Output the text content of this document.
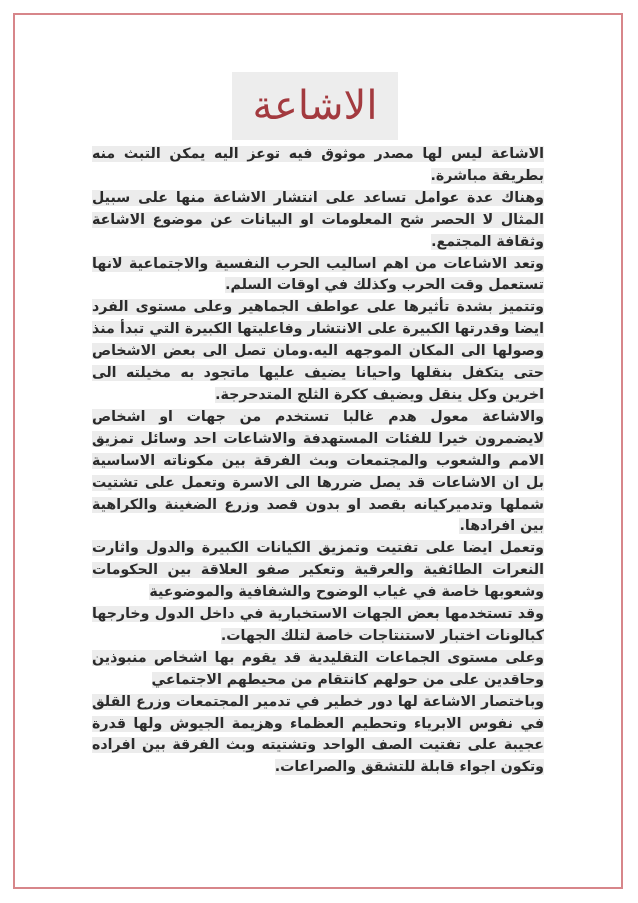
الاشاعة

الاشاعة ليس لها مصدر موثوق فيه توعز اليه يمكن التبث منه بطريقة مباشرة.

وهناك عدة عوامل تساعد على انتشار الاشاعة منها على سبيل المثال لا الحصر شح المعلومات او البيانات عن موضوع الاشاعة وثقافة المجتمع.

وتعد الاشاعات من اهم اساليب الحرب النفسية والاجتماعية لانها تستعمل وقت الحرب وكذلك في اوقات السلم.

وتتميز بشدة تأثيرها على عواطف الجماهير وعلى مستوى الفرد ايضا وقدرتها الكبيرة على الانتشار وفاعليتها الكبيرة التي تبدأ منذ وصولها الى المكان الموجهه اليه.ومان تصل الى بعض الاشخاص حتى يتكفل بنقلها واحيانا يضيف عليها ماتجود به مخيلته الى اخرين وكل ينقل ويضيف ككرة الثلج المتدحرجة.

والاشاعة معول هدم غالبا تستخدم من جهات او اشخاص لايضمرون خيرا للفئات المستهدفة والاشاعات احد وسائل تمزيق الامم والشعوب والمجتمعات وبث الفرقة بين مكوناته الاساسية بل ان الاشاعات قد يصل ضررها الى الاسرة وتعمل على تشتيت شملها وتدميركيانه بقصد او بدون قصد وزرع الضغينة والكراهية بين افرادها.

وتعمل ايضا على تفتيت وتمزيق الكيانات الكبيرة والدول واثارت النعرات الطائفية والعرقية وتعكير صفو العلاقة بين الحكومات وشعوبها خاصة في غياب الوضوح والشفافية والموضوعية

وقد تستخدمها بعض الجهات الاستخبارية في داخل الدول وخارجها كبالونات اختبار لاستنتاجات خاصة لتلك الجهات.

وعلى مستوى الجماعات التقليدية قد يقوم بها اشخاص منبوذين وحاقدين على من حولهم كانتقام من محيطهم الاجتماعي

وباختصار الاشاعة لها دور خطير في تدمير المجتمعات وزرع القلق في نفوس الابرياء وتحطيم العظماء وهزيمة الجيوش ولها قدرة عجيبة على تفتيت الصف الواحد وتشتيته وبث الفرقة بين افراده وتكون اجواء قابلة للتشقق والصراعات.
